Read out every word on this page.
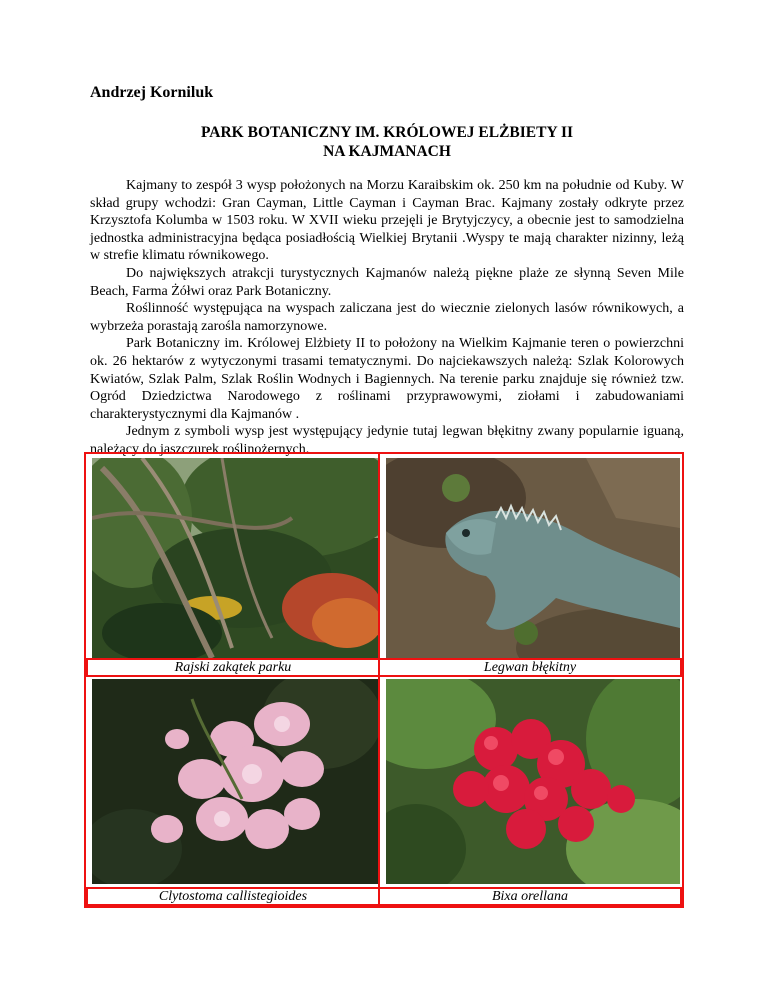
Andrzej Korniluk
PARK BOTANICZNY IM. KRÓLOWEJ ELŻBIETY II
NA KAJMANACH

Kajmany to zespół 3 wysp położonych na Morzu Karaibskim ok. 250 km na południe od Kuby. W skład grupy wchodzi: Gran Cayman, Little Cayman i Cayman Brac. Kajmany zostały odkryte przez Krzysztofa Kolumba w 1503 roku. W XVII wieku przejęli je Brytyjczycy, a obecnie jest to samodzielna jednostka administracyjna będąca posiadłością Wielkiej Brytanii .Wyspy te mają charakter nizinny, leżą w strefie klimatu równikowego.

Do największych atrakcji turystycznych Kajmanów należą piękne plaże ze słynną Seven Mile Beach, Farma Żółwi oraz Park Botaniczny.

Roślinność występująca na wyspach zaliczana jest do wiecznie zielonych lasów równikowych, a wybrzeża porastają zarośla namorzynowe.

Park Botaniczny im. Królowej Elżbiety II to położony na Wielkim Kajmanie teren o powierzchni ok. 26 hektarów z wytyczonymi trasami tematycznymi. Do najciekawszych należą: Szlak Kolorowych Kwiatów, Szlak Palm, Szlak Roślin Wodnych i Bagiennych. Na terenie parku znajduje się również tzw. Ogród Dziedzictwa Narodowego z roślinami przyprawowymi, ziołami i zabudowaniami charakterystycznymi dla Kajmanów .

Jednym z symboli wysp jest występujący jedynie tutaj legwan błękitny zwany popularnie iguaną, należący do jaszczurek roślinożernych.

Rajski zakątek parku	Legwan błękitny
Clytostoma callistegioides	Bixa orellana
